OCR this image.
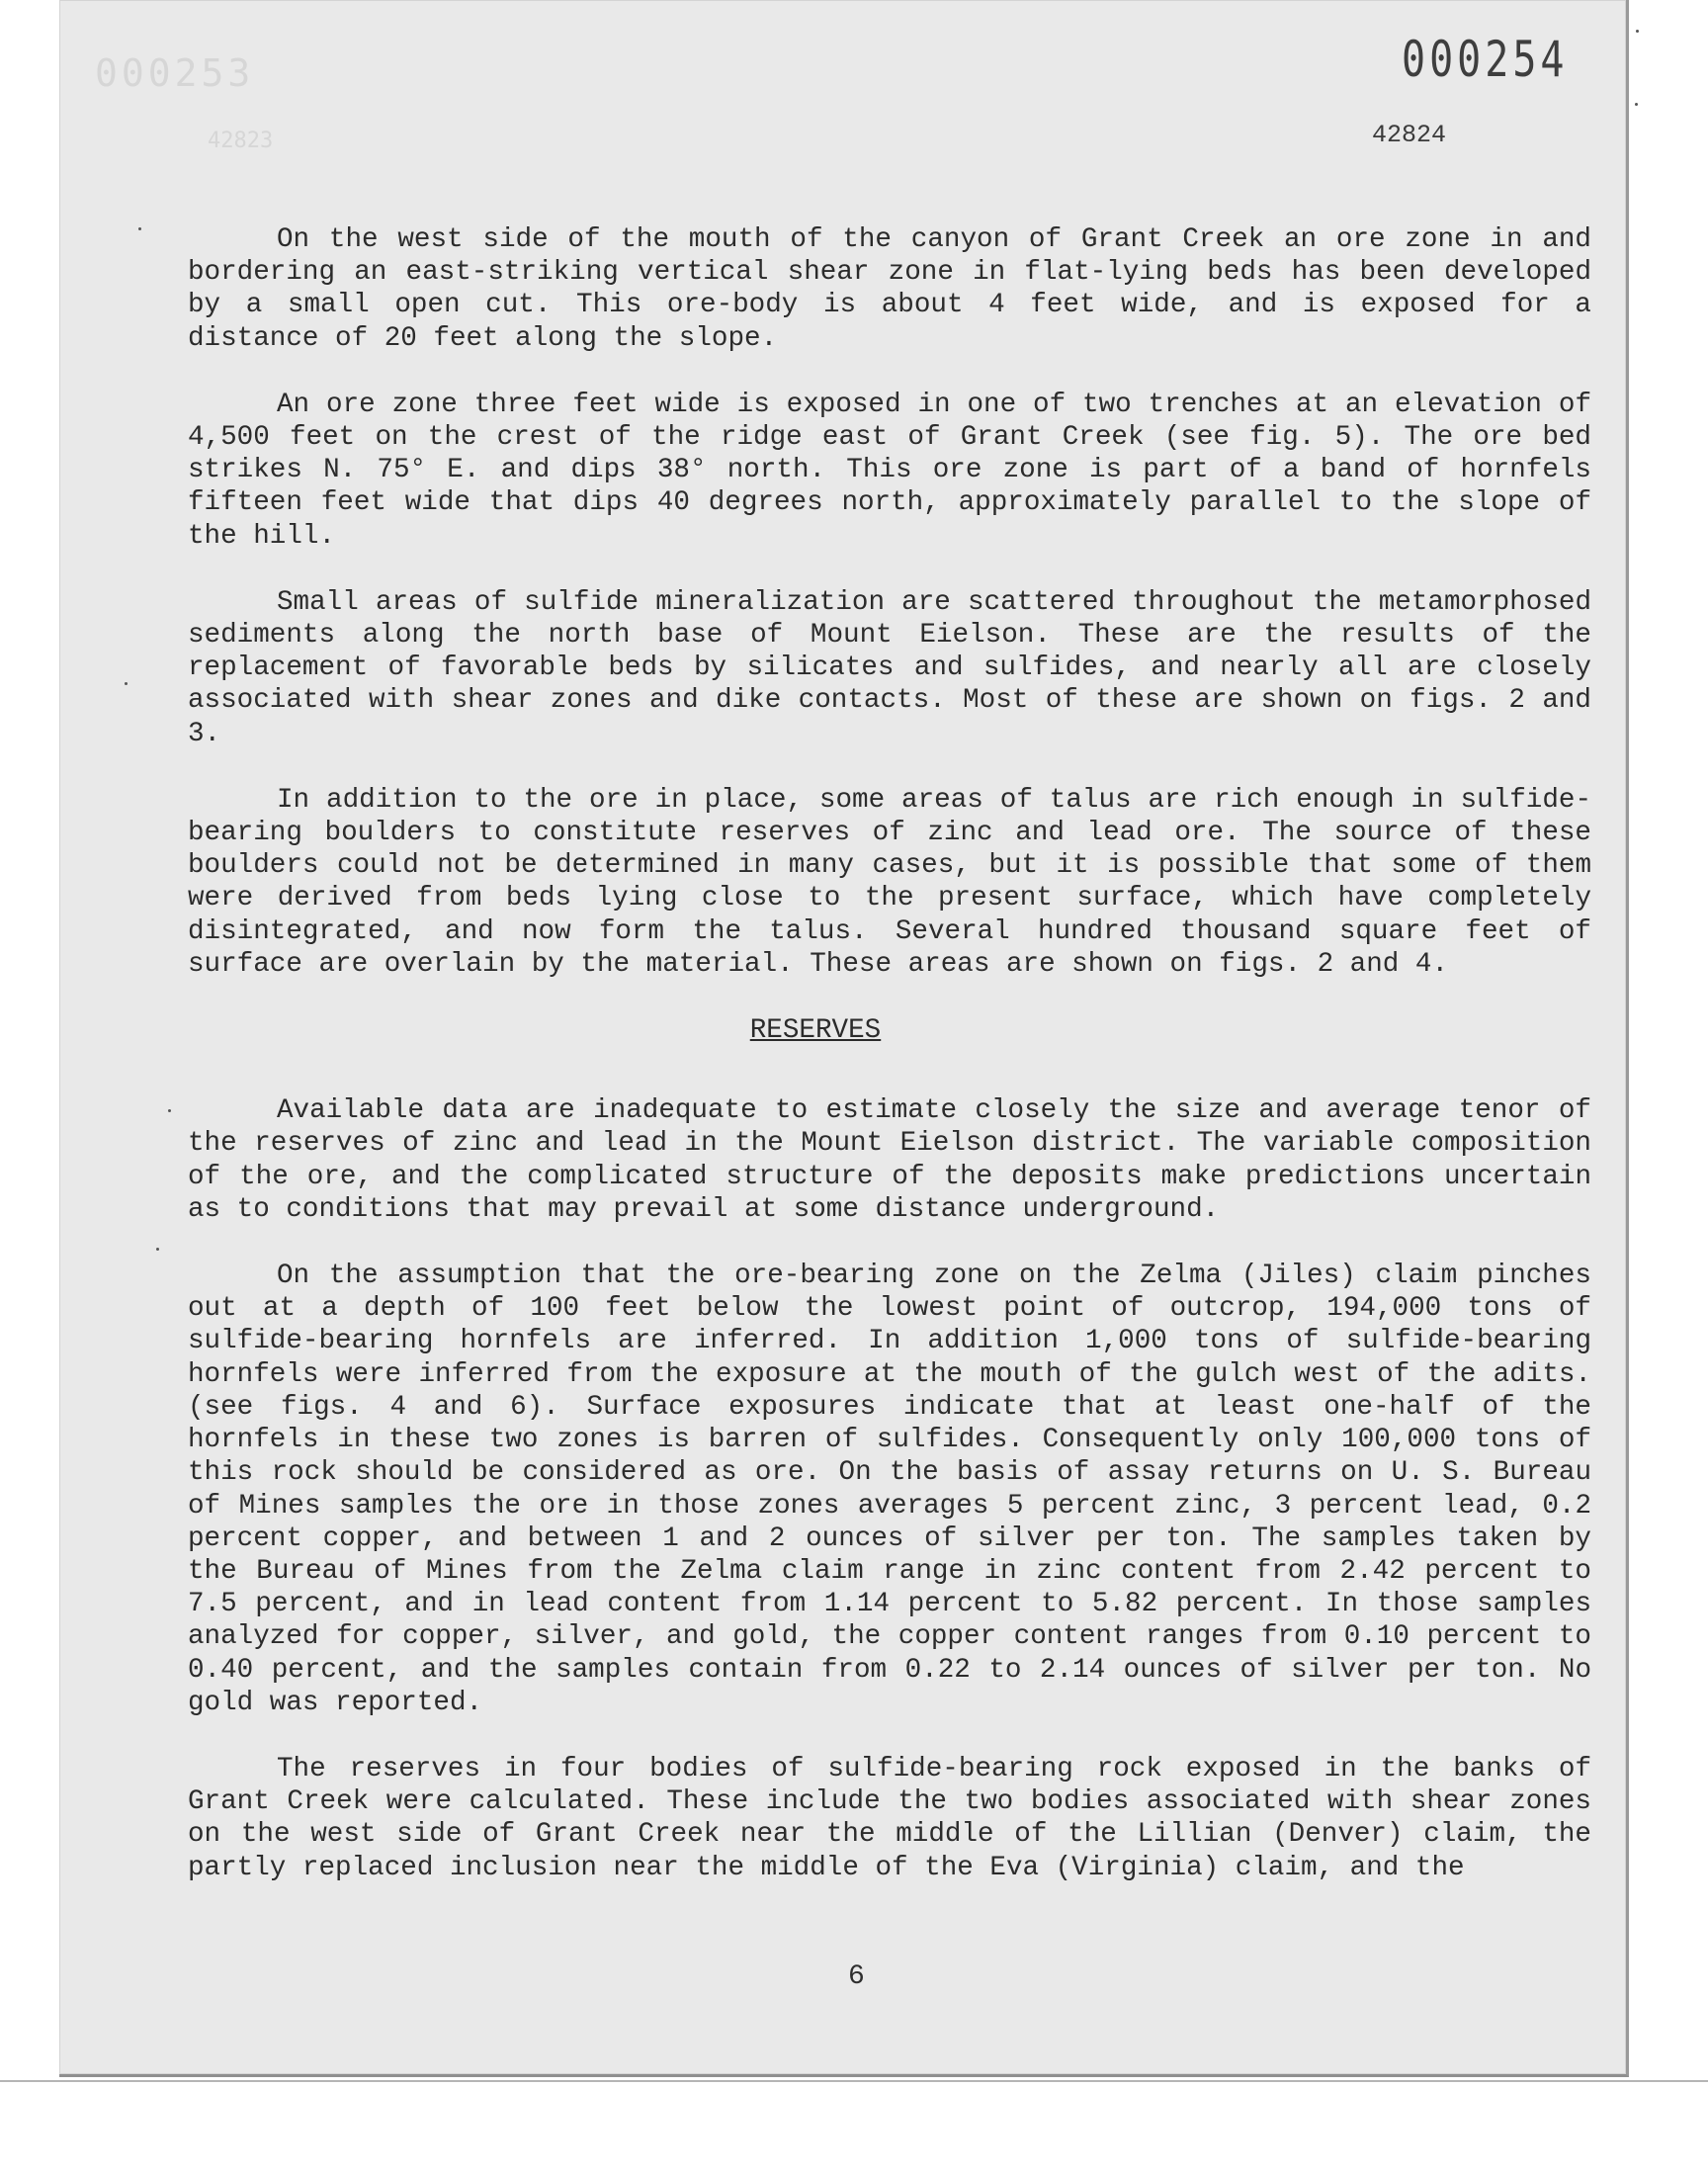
000253
42823
000254
42824

On the west side of the mouth of the canyon of Grant Creek an ore zone in and bordering an east-striking vertical shear zone in flat-lying beds has been developed by a small open cut. This ore-body is about 4 feet wide, and is exposed for a distance of 20 feet along the slope.

An ore zone three feet wide is exposed in one of two trenches at an elevation of 4,500 feet on the crest of the ridge east of Grant Creek (see fig. 5). The ore bed strikes N. 75° E. and dips 38° north. This ore zone is part of a band of hornfels fifteen feet wide that dips 40 degrees north, approximately parallel to the slope of the hill.

Small areas of sulfide mineralization are scattered throughout the metamorphosed sediments along the north base of Mount Eielson. These are the results of the replacement of favorable beds by silicates and sulfides, and nearly all are closely associated with shear zones and dike contacts. Most of these are shown on figs. 2 and 3.

In addition to the ore in place, some areas of talus are rich enough in sulfide-bearing boulders to constitute reserves of zinc and lead ore. The source of these boulders could not be determined in many cases, but it is possible that some of them were derived from beds lying close to the present surface, which have completely disintegrated, and now form the talus. Several hundred thousand square feet of surface are overlain by the material. These areas are shown on figs. 2 and 4.

RESERVES

Available data are inadequate to estimate closely the size and average tenor of the reserves of zinc and lead in the Mount Eielson district. The variable composition of the ore, and the complicated structure of the deposits make predictions uncertain as to conditions that may prevail at some distance underground.

On the assumption that the ore-bearing zone on the Zelma (Jiles) claim pinches out at a depth of 100 feet below the lowest point of outcrop, 194,000 tons of sulfide-bearing hornfels are inferred. In addition 1,000 tons of sulfide-bearing hornfels were inferred from the exposure at the mouth of the gulch west of the adits. (see figs. 4 and 6). Surface exposures indicate that at least one-half of the hornfels in these two zones is barren of sulfides. Consequently only 100,000 tons of this rock should be considered as ore. On the basis of assay returns on U. S. Bureau of Mines samples the ore in those zones averages 5 percent zinc, 3 percent lead, 0.2 percent copper, and between 1 and 2 ounces of silver per ton. The samples taken by the Bureau of Mines from the Zelma claim range in zinc content from 2.42 percent to 7.5 percent, and in lead content from 1.14 percent to 5.82 percent. In those samples analyzed for copper, silver, and gold, the copper content ranges from 0.10 percent to 0.40 percent, and the samples contain from 0.22 to 2.14 ounces of silver per ton. No gold was reported.

The reserves in four bodies of sulfide-bearing rock exposed in the banks of Grant Creek were calculated. These include the two bodies associated with shear zones on the west side of Grant Creek near the middle of the Lillian (Denver) claim, the partly replaced inclusion near the middle of the Eva (Virginia) claim, and the

6
